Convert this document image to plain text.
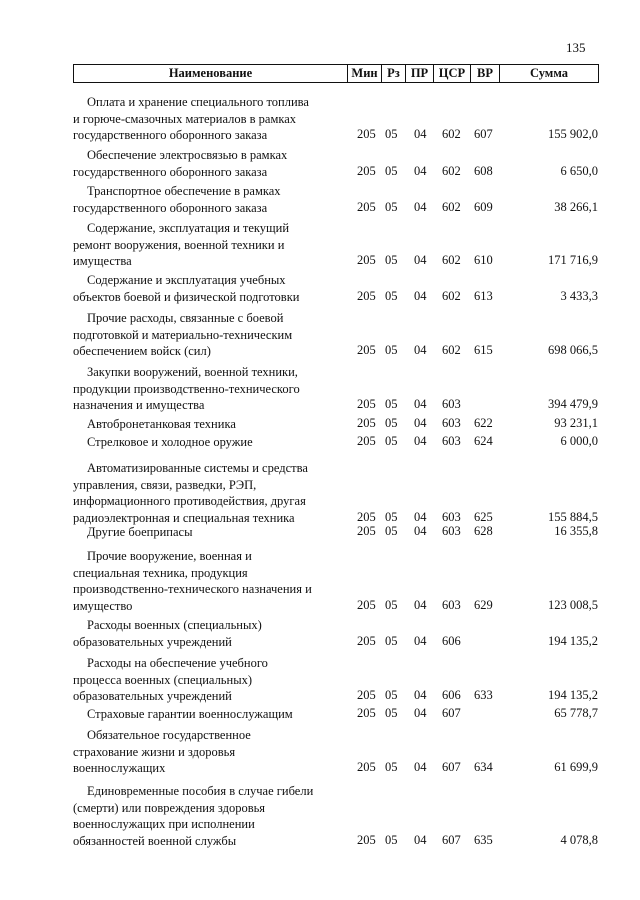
135
Наименование	Мин Рз ПР ЦСР ВР	Сумма
Оплата и хранение специального топлива
и горюче-смазочных материалов в рамках
государственного оборонного заказа	205 05 04 602 607	155 902,0
Обеспечение электросвязью в рамках
государственного оборонного заказа	205 05 04 602 608	6 650,0
Транспортное обеспечение в рамках
государственного оборонного заказа	205 05 04 602 609	38 266,1
Содержание, эксплуатация и текущий
ремонт вооружения, военной техники и
имущества	205 05 04 602 610	171 716,9
Содержание и эксплуатация учебных
объектов боевой и физической подготовки	205 05 04 602 613	3 433,3
Прочие расходы, связанные с боевой
подготовкой и материально-техническим
обеспечением войск (сил)	205 05 04 602 615	698 066,5
Закупки вооружений, военной техники,
продукции производственно-технического
назначения и имущества	205 05 04 603	394 479,9
Автобронетанковая техника	205 05 04 603 622	93 231,1
Стрелковое и холодное оружие	205 05 04 603 624	6 000,0
Автоматизированные системы и средства
управления, связи, разведки, РЭП,
информационного противодействия, другая
радиоэлектронная и специальная техника	205 05 04 603 625	155 884,5
Другие боеприпасы	205 05 04 603 628	16 355,8
Прочие вооружение, военная и
специальная техника, продукция
производственно-технического назначения и
имущество	205 05 04 603 629	123 008,5
Расходы военных (специальных)
образовательных учреждений	205 05 04 606	194 135,2
Расходы на обеспечение учебного
процесса военных (специальных)
образовательных учреждений	205 05 04 606 633	194 135,2
Страховые гарантии военнослужащим	205 05 04 607	65 778,7
Обязательное государственное
страхование жизни и здоровья
военнослужащих	205 05 04 607 634	61 699,9
Единовременные пособия в случае гибели
(смерти) или повреждения здоровья
военнослужащих при исполнении
обязанностей военной службы	205 05 04 607 635	4 078,8
